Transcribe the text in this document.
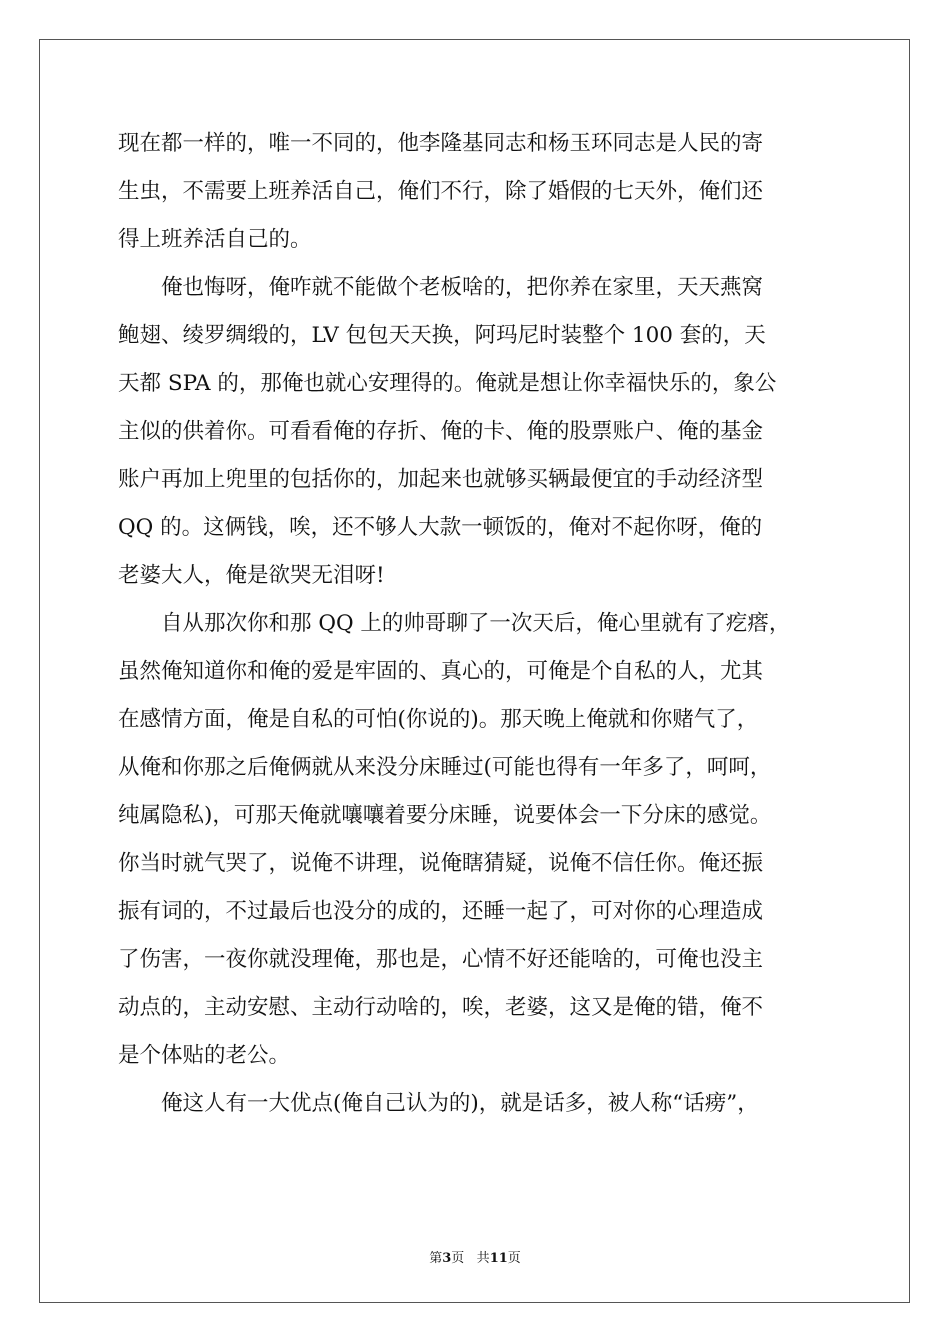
现在都一样的，唯一不同的，他李隆基同志和杨玉环同志是人民的寄
生虫，不需要上班养活自己，俺们不行，除了婚假的七天外，俺们还
得上班养活自己的。
　　俺也悔呀，俺咋就不能做个老板啥的，把你养在家里，天天燕窝
鲍翅、绫罗绸缎的，LV 包包天天换，阿玛尼时装整个 100 套的，天
天都 SPA 的，那俺也就心安理得的。俺就是想让你幸福快乐的，象公
主似的供着你。可看看俺的存折、俺的卡、俺的股票账户、俺的基金
账户再加上兜里的包括你的，加起来也就够买辆最便宜的手动经济型
QQ 的。这俩钱，唉，还不够人大款一顿饭的，俺对不起你呀，俺的
老婆大人，俺是欲哭无泪呀!
　　自从那次你和那 QQ 上的帅哥聊了一次天后，俺心里就有了疙瘩，
虽然俺知道你和俺的爱是牢固的、真心的，可俺是个自私的人，尤其
在感情方面，俺是自私的可怕(你说的)。那天晚上俺就和你赌气了，
从俺和你那之后俺俩就从来没分床睡过(可能也得有一年多了，呵呵，
纯属隐私)，可那天俺就嚷嚷着要分床睡，说要体会一下分床的感觉。
你当时就气哭了，说俺不讲理，说俺瞎猜疑，说俺不信任你。俺还振
振有词的，不过最后也没分的成的，还睡一起了，可对你的心理造成
了伤害，一夜你就没理俺，那也是，心情不好还能啥的，可俺也没主
动点的，主动安慰、主动行动啥的，唉，老婆，这又是俺的错，俺不
是个体贴的老公。
　　俺这人有一大优点(俺自己认为的)，就是话多，被人称“话痨”，
第3页 共11页
